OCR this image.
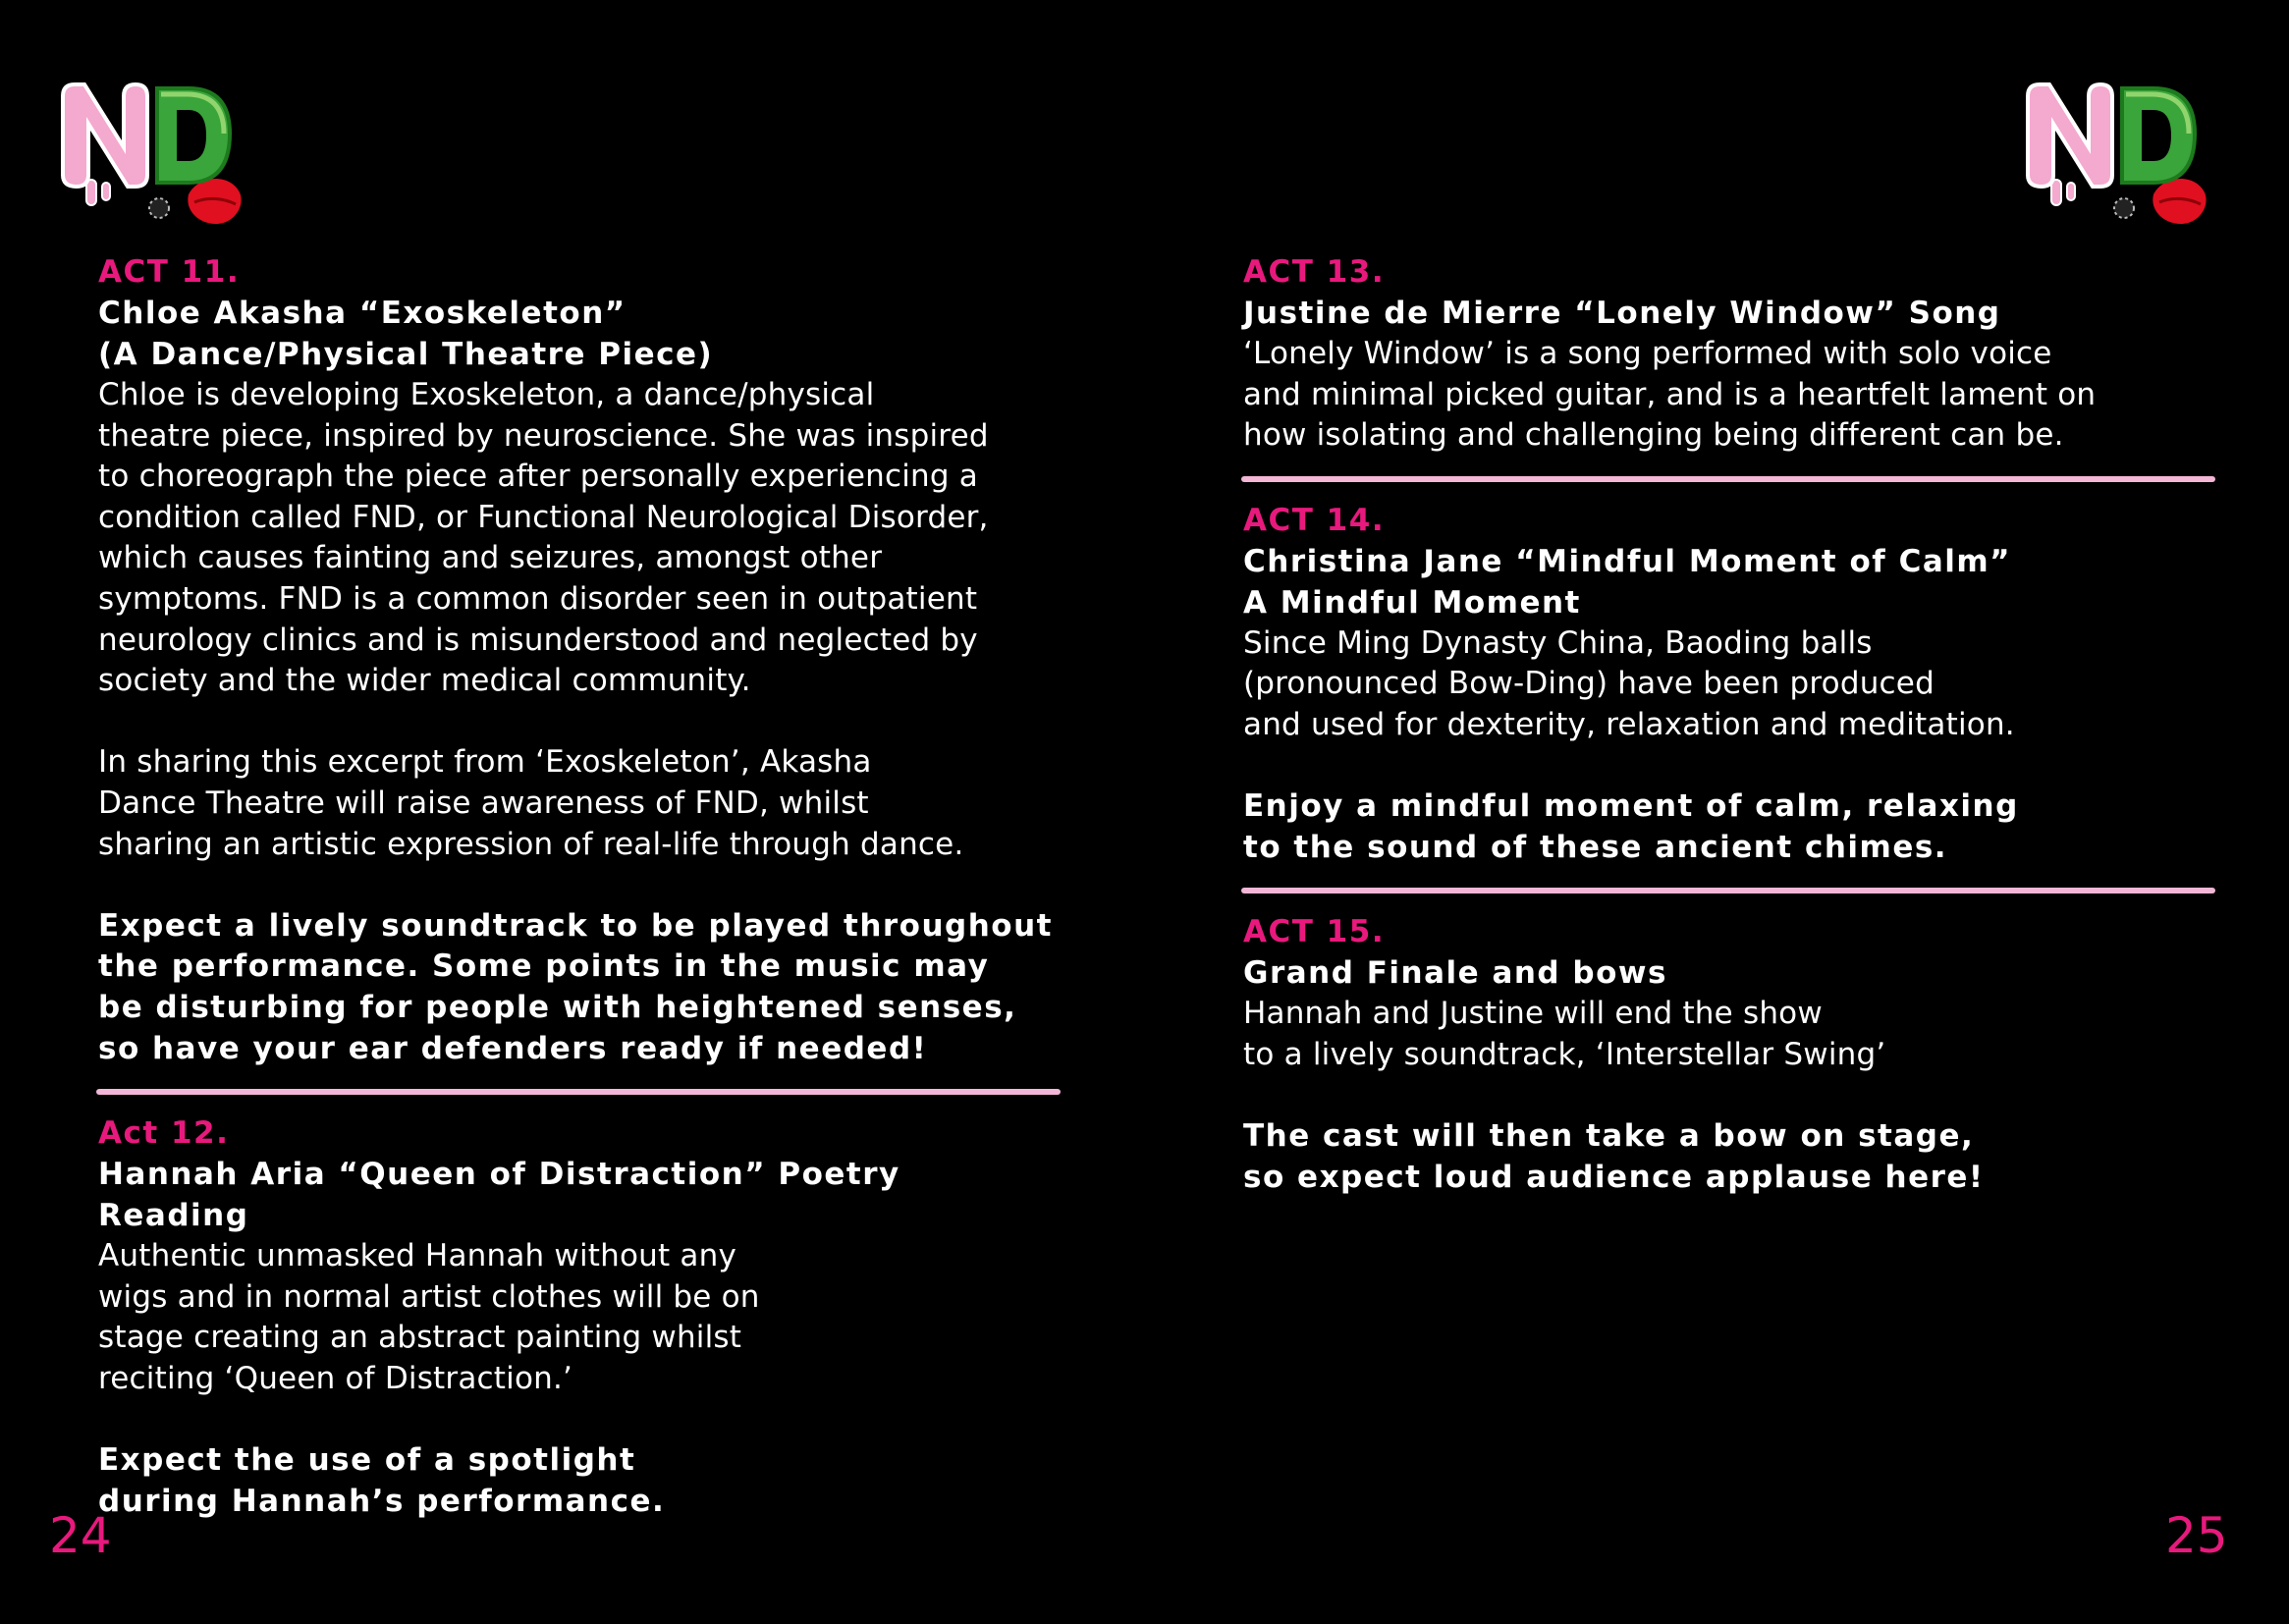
ACT 11.

Chloe Akasha “Exoskeleton”

(A Dance/Physical Theatre Piece)

Chloe is developing Exoskeleton, a dance/physical

theatre piece, inspired by neuroscience. She was inspired

to choreograph the piece after personally experiencing a

condition called FND, or Functional Neurological Disorder,

which causes fainting and seizures, amongst other

symptoms. FND is a common disorder seen in outpatient

neurology clinics and is misunderstood and neglected by

society and the wider medical community.

In sharing this excerpt from ‘Exoskeleton’, Akasha

Dance Theatre will raise awareness of FND, whilst

sharing an artistic expression of real-life through dance.

Expect a lively soundtrack to be played throughout

the performance. Some points in the music may

be disturbing for people with heightened senses,

so have your ear defenders ready if needed!

Act 12.

Hannah Aria “Queen of Distraction” Poetry Reading

Authentic unmasked Hannah without any

wigs and in normal artist clothes will be on

stage creating an abstract painting whilst

reciting ‘Queen of Distraction.’

Expect the use of a spotlight

during Hannah’s performance.

24

ACT 13.

Justine de Mierre “Lonely Window” Song

‘Lonely Window’ is a song performed with solo voice

and minimal picked guitar, and is a heartfelt lament on

how isolating and challenging being different can be.

ACT 14.

Christina Jane “Mindful Moment of Calm”

A Mindful Moment

Since Ming Dynasty China, Baoding balls

(pronounced Bow-Ding) have been produced

and used for dexterity, relaxation and meditation.

Enjoy a mindful moment of calm, relaxing

to the sound of these ancient chimes.

ACT 15.

Grand Finale and bows

Hannah and Justine will end the show

to a lively soundtrack, ‘Interstellar Swing’

The cast will then take a bow on stage,

so expect loud audience applause here!

25
